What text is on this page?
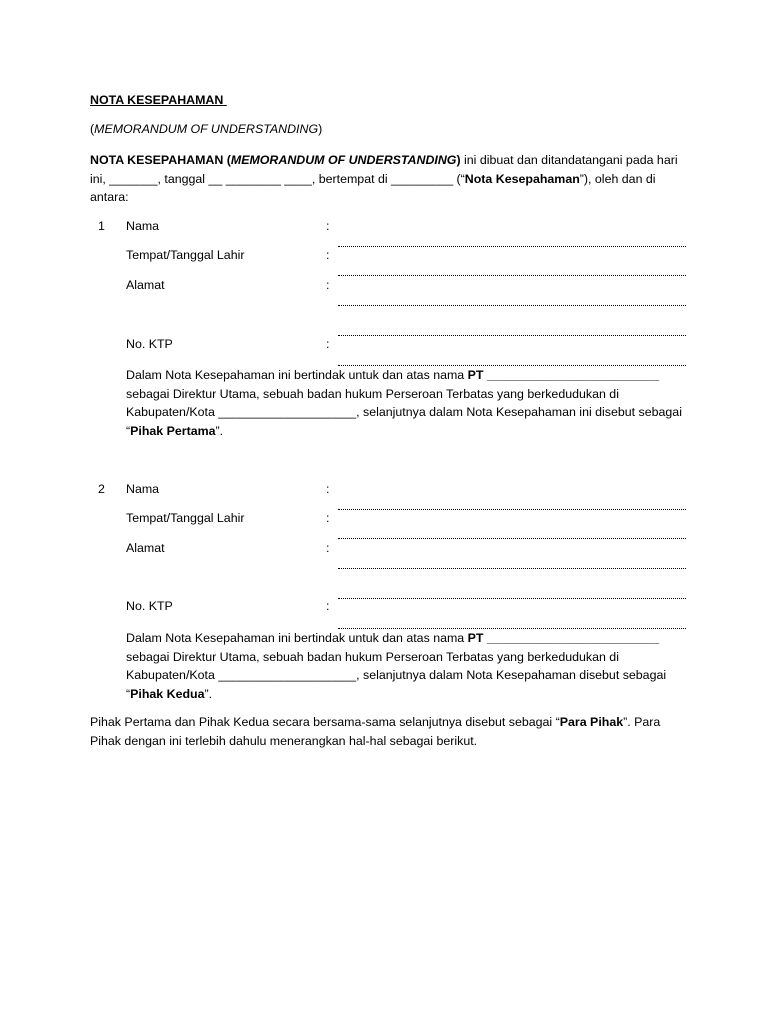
NOTA KESEPAHAMAN
(MEMORANDUM OF UNDERSTANDING)
NOTA KESEPAHAMAN (MEMORANDUM OF UNDERSTANDING) ini dibuat dan ditandatangani pada hari ini, _______, tanggal __ ________ ____, bertempat di _________ (“Nota Kesepahaman”), oleh dan di antara:
1 Nama	:
Tempat/Tanggal Lahir	:
Alamat	:
No. KTP	:
Dalam Nota Kesepahaman ini bertindak untuk dan atas nama PT _________________________ sebagai Direktur Utama, sebuah badan hukum Perseroan Terbatas yang berkedudukan di Kabupaten/Kota ____________________, selanjutnya dalam Nota Kesepahaman ini disebut sebagai “Pihak Pertama”.
2 Nama	:
Tempat/Tanggal Lahir	:
Alamat	:
No. KTP	:
Dalam Nota Kesepahaman ini bertindak untuk dan atas nama PT _________________________ sebagai Direktur Utama, sebuah badan hukum Perseroan Terbatas yang berkedudukan di Kabupaten/Kota ____________________, selanjutnya dalam Nota Kesepahaman disebut sebagai “Pihak Kedua”.
Pihak Pertama dan Pihak Kedua secara bersama-sama selanjutnya disebut sebagai “Para Pihak”. Para Pihak dengan ini terlebih dahulu menerangkan hal-hal sebagai berikut.
